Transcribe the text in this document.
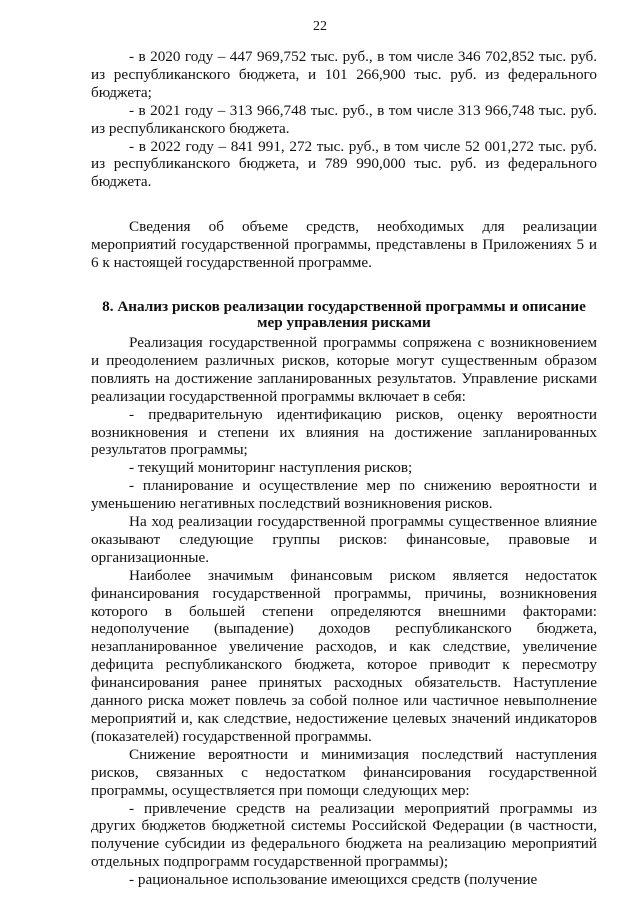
22

- в 2020 году – 447 969,752 тыс. руб., в том числе 346 702,852 тыс. руб. из республиканского бюджета, и 101 266,900 тыс. руб. из федерального бюджета;

- в 2021 году – 313 966,748 тыс. руб., в том числе 313 966,748 тыс. руб. из республиканского бюджета.

- в 2022 году – 841 991, 272 тыс. руб., в том числе 52 001,272 тыс. руб. из республиканского бюджета, и 789 990,000 тыс. руб. из федерального бюджета.

Сведения об объеме средств, необходимых для реализации мероприятий государственной программы, представлены в Приложениях 5 и 6 к настоящей государственной программе.

8. Анализ рисков реализации государственной программы и описание
мер управления рисками

Реализация государственной программы сопряжена с возникновением и преодолением различных рисков, которые могут существенным образом повлиять на достижение запланированных результатов. Управление рисками реализации государственной программы включает в себя:

- предварительную идентификацию рисков, оценку вероятности возникновения и степени их влияния на достижение запланированных результатов программы;

- текущий мониторинг наступления рисков;

- планирование и осуществление мер по снижению вероятности и уменьшению негативных последствий возникновения рисков.

На ход реализации государственной программы существенное влияние оказывают следующие группы рисков: финансовые, правовые и организационные.

Наиболее значимым финансовым риском является недостаток финансирования государственной программы, причины, возникновения которого в большей степени определяются внешними факторами: недополучение (выпадение) доходов республиканского бюджета, незапланированное увеличение расходов, и как следствие, увеличение дефицита республиканского бюджета, которое приводит к пересмотру финансирования ранее принятых расходных обязательств. Наступление данного риска может повлечь за собой полное или частичное невыполнение мероприятий и, как следствие, недостижение целевых значений индикаторов (показателей) государственной программы.

Снижение вероятности и минимизация последствий наступления рисков, связанных с недостатком финансирования государственной программы, осуществляется при помощи следующих мер:

- привлечение средств на реализации мероприятий программы из других бюджетов бюджетной системы Российской Федерации (в частности, получение субсидии из федерального бюджета на реализацию мероприятий отдельных подпрограмм государственной программы);

- рациональное использование имеющихся средств (получение
